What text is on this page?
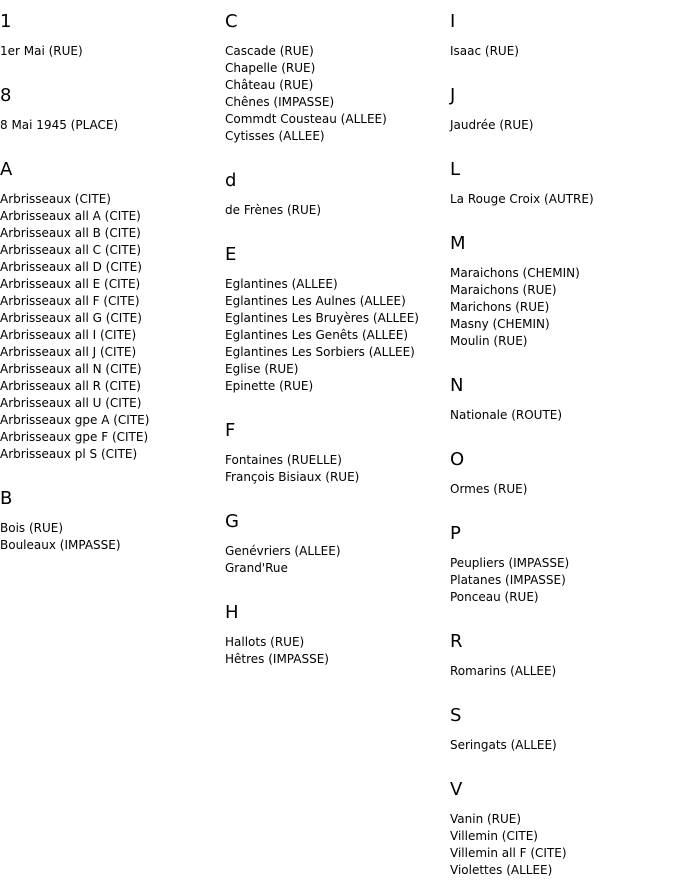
1
1er Mai (RUE)
8
8 Mai 1945 (PLACE)
A
Arbrisseaux (CITE)
Arbrisseaux all A (CITE)
Arbrisseaux all B (CITE)
Arbrisseaux all C (CITE)
Arbrisseaux all D (CITE)
Arbrisseaux all E (CITE)
Arbrisseaux all F (CITE)
Arbrisseaux all G (CITE)
Arbrisseaux all I (CITE)
Arbrisseaux all J (CITE)
Arbrisseaux all N (CITE)
Arbrisseaux all R (CITE)
Arbrisseaux all U (CITE)
Arbrisseaux gpe A (CITE)
Arbrisseaux gpe F (CITE)
Arbrisseaux pl S (CITE)
B
Bois (RUE)
Bouleaux (IMPASSE)
C
Cascade (RUE)
Chapelle (RUE)
Château (RUE)
Chênes (IMPASSE)
Commdt Cousteau (ALLEE)
Cytisses (ALLEE)
d
de Frènes (RUE)
E
Eglantines (ALLEE)
Eglantines Les Aulnes (ALLEE)
Eglantines Les Bruyères (ALLEE)
Eglantines Les Genêts (ALLEE)
Eglantines Les Sorbiers (ALLEE)
Eglise (RUE)
Epinette (RUE)
F
Fontaines (RUELLE)
François Bisiaux (RUE)
G
Genévriers (ALLEE)
Grand'Rue
H
Hallots (RUE)
Hêtres (IMPASSE)
I
Isaac (RUE)
J
Jaudrée (RUE)
L
La Rouge Croix (AUTRE)
M
Maraichons (CHEMIN)
Maraichons (RUE)
Marichons (RUE)
Masny (CHEMIN)
Moulin (RUE)
N
Nationale (ROUTE)
O
Ormes (RUE)
P
Peupliers (IMPASSE)
Platanes (IMPASSE)
Ponceau (RUE)
R
Romarins (ALLEE)
S
Seringats (ALLEE)
V
Vanin (RUE)
Villemin (CITE)
Villemin all F (CITE)
Violettes (ALLEE)
